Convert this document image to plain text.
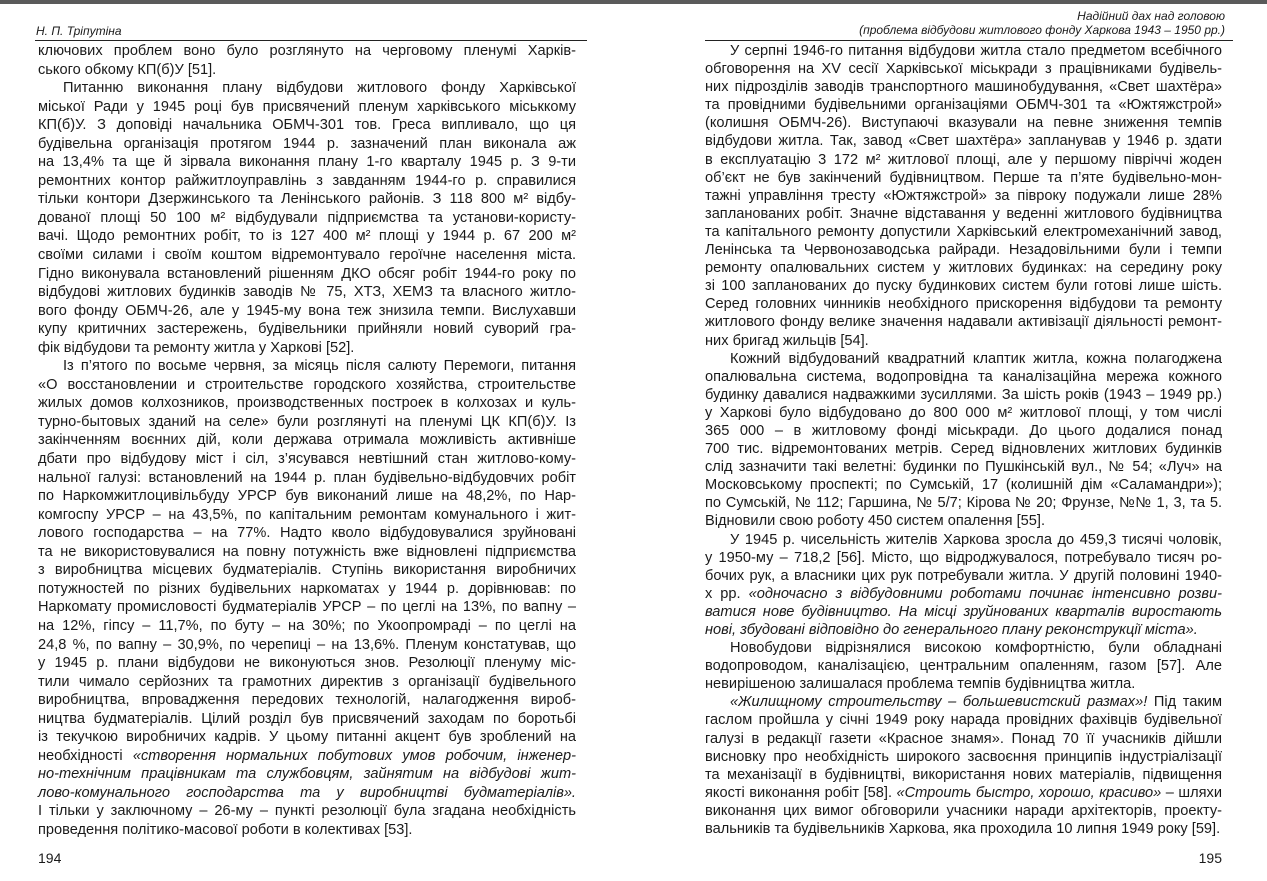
Н. П. Тріпутіна
ключових проблем воно було розглянуто на черговому пленумі Харків-
ського обкому КП(б)У [51].
Питанню виконання плану відбудови житлового фонду Харківської
міської Ради у 1945 році був присвячений пленум харківського міськкому
КП(б)У. З доповіді начальника ОБМЧ-301 тов. Греса випливало, що ця
будівельна організація протягом 1944 р. зазначений план виконала аж
на 13,4% та ще й зірвала виконання плану 1-го кварталу 1945 р. З 9-ти
ремонтних контор райжитлоуправлінь з завданням 1944-го р. справилися
тільки контори Дзержинського та Ленінського районів. З 118 800 м² відбу-
дованої площі 50 100 м² відбудували підприємства та установи-користу-
вачі. Щодо ремонтних робіт, то із 127 400 м² площі у 1944 р. 67 200 м²
своїми силами і своїм коштом відремонтувало героїчне населення міста.
Гідно виконувала встановлений рішенням ДКО обсяг робіт 1944-го року по
відбудові житлових будинків заводів № 75, ХТЗ, ХЕМЗ та власного житло-
вого фонду ОБМЧ-26, але у 1945-му вона теж знизила темпи. Вислухавши
купу критичних застережень, будівельники прийняли новий суворий гра-
фік відбудови та ремонту житла у Харкові [52].
Із п’ятого по восьме червня, за місяць після салюту Перемоги, питання
«О восстановлении и строительстве городского хозяйства, строительстве
жилых домов колхозников, производственных построек в колхозах и куль-
турно-бытовых зданий на селе» були розглянуті на пленумі ЦК КП(б)У. Із
закінченням воєнних дій, коли держава отримала можливість активніше
дбати про відбудову міст і сіл, з’ясувався невтішний стан житлово-кому-
нальної галузі: встановлений на 1944 р. план будівельно-відбудовчих робіт
по Наркомжитлоцивільбуду УРСР був виконаний лише на 48,2%, по Нар-
комгоспу УРСР – на 43,5%, по капітальним ремонтам комунального і жит-
лового господарства – на 77%. Надто кволо відбудовувалися зруйновані
та не використовувалися на повну потужність вже відновлені підприємства
з виробництва місцевих будматеріалів. Ступінь використання виробничих
потужностей по різних будівельних наркоматах у 1944 р. дорівнював: по
Наркомату промисловості будматеріалів УРСР – по цеглі на 13%, по вапну –
на 12%, гіпсу – 11,7%, по буту – на 30%; по Укоопромраді – по цеглі на
24,8 %, по вапну – 30,9%, по черепиці – на 13,6%. Пленум констатував, що
у 1945 р. плани відбудови не виконуються знов. Резолюції пленуму міс-
тили чимало серйозних та грамотних директив з організації будівельного
виробництва, впровадження передових технологій, налагодження вироб-
ництва будматеріалів. Цілий розділ був присвячений заходам по боротьбі
із текучкою виробничих кадрів. У цьому питанні акцент був зроблений на
необхідності «створення нормальних побутових умов робочим, інженер-
но-технічним працівникам та службовцям, зайнятим на відбудові жит-
лово-комунального господарства та у виробництві будматеріалів».
І тільки у заключному – 26-му – пункті резолюції була згадана необхідність
проведення політико-масової роботи в колективах [53].
194
Надійний дах над головою
(проблема відбудови житлового фонду Харкова 1943 – 1950 рр.)
У серпні 1946-го питання відбудови житла стало предметом всебічного
обговорення на XV сесії Харківської міськради з працівниками будівель-
них підрозділів заводів транспортного машинобудування, «Свет шахтёра»
та провідними будівельними організаціями ОБМЧ-301 та «Южтяжстрой»
(колишня ОБМЧ-26). Виступаючі вказували на певне зниження темпів
відбудови житла. Так, завод «Свет шахтёра» запланував у 1946 р. здати
в експлуатацію 3 172 м² житлової площі, але у першому півріччі жоден
об’єкт не був закінчений будівництвом. Перше та п’яте будівельно-мон-
тажні управління тресту «Южтяжстрой» за півроку подужали лише 28%
запланованих робіт. Значне відставання у веденні житлового будівництва
та капітального ремонту допустили Харківський електромеханічний завод,
Ленінська та Червонозаводська райради. Незадовільними були і темпи
ремонту опалювальних систем у житлових будинках: на середину року
зі 100 запланованих до пуску будинкових систем були готові лише шість.
Серед головних чинників необхідного прискорення відбудови та ремонту
житлового фонду велике значення надавали активізації діяльності ремонт-
них бригад жильців [54].
Кожний відбудований квадратний клаптик житла, кожна полагоджена
опалювальна система, водопровідна та каналізаційна мережа кожного
будинку давалися надважкими зусиллями. За шість років (1943 – 1949 рр.)
у Харкові було відбудовано до 800 000 м² житлової площі, у том числі
365 000 – в житловому фонді міськради. До цього додалися понад
700 тис. відремонтованих метрів. Серед відновлених житлових будинків
слід зазначити такі велетні: будинки по Пушкінській вул., № 54; «Луч» на
Московському проспекті; по Сумській, 17 (колишній дім «Саламандри»);
по Сумській, № 112; Гаршина, № 5/7; Кірова № 20; Фрунзе, №№ 1, 3, та 5.
Відновили свою роботу 450 систем опалення [55].
У 1945 р. чисельність жителів Харкова зросла до 459,3 тисячі чоловік,
у 1950-му – 718,2 [56]. Місто, що відроджувалося, потребувало тисяч ро-
бочих рук, а власники цих рук потребували житла. У другій половині 1940-
х рр. «одночасно з відбудовними роботами починає інтенсивно розви-
ватися нове будівництво. На місці зруйнованих кварталів виростають
нові, збудовані відповідно до генерального плану реконструкції міста».
Новобудови відрізнялися високою комфортністю, були обладнані
водопроводом, каналізацією, центральним опаленням, газом [57]. Але
невирішеною залишалася проблема темпів будівництва житла.
«Жилищному строительству – большевистский размах»! Під таким
гаслом пройшла у січні 1949 року нарада провідних фахівців будівельної
галузі в редакції газети «Красное знамя». Понад 70 її учасників дійшли
висновку про необхідність широкого засвоєння принципів індустріалізації
та механізації в будівництві, використання нових матеріалів, підвищення
якості виконання робіт [58]. «Строить быстро, хорошо, красиво» – шляхи
виконання цих вимог обговорили учасники наради архітекторів, проекту-
вальників та будівельників Харкова, яка проходила 10 липня 1949 року [59].
195
